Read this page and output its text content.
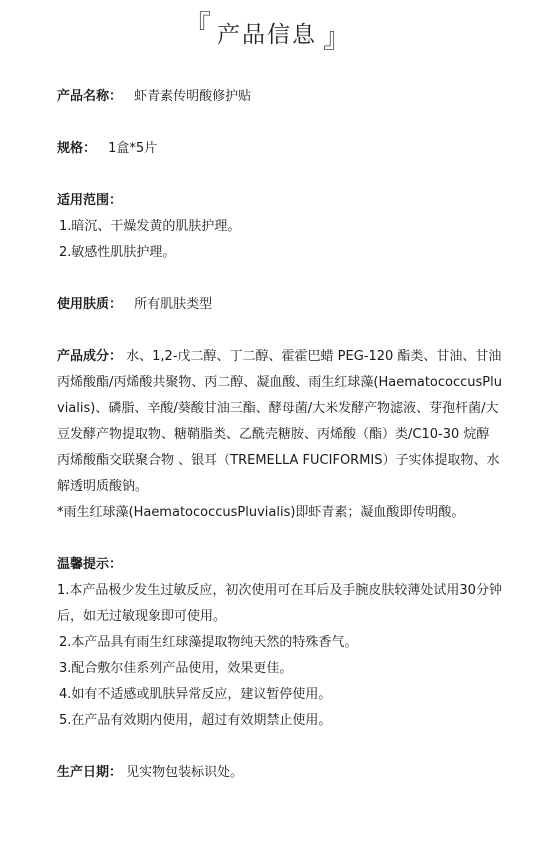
『 产品信息 』
产品名称： 虾青素传明酸修护贴
规格： 1盒*5片
适用范围：
1.暗沉、干燥发黄的肌肤护理。
2.敏感性肌肤护理。
使用肤质： 所有肌肤类型
产品成分： 水、1,2-戊二醇、丁二醇、霍霍巴蜡 PEG-120 酯类、甘油、甘油丙烯酸酯/丙烯酸共聚物、丙二醇、凝血酸、雨生红球藻(HaematococcusPluvialis)、磷脂、辛酸/葵酸甘油三酯、酵母菌/大米发酵产物滤液、芽孢杆菌/大豆发酵产物提取物、糖鞘脂类、乙酰壳糖胺、丙烯酸（酯）类/C10-30 烷醇丙烯酸酯交联聚合物 、银耳（TREMELLA FUCIFORMIS）子实体提取物、水解透明质酸钠。
*雨生红球藻(HaematococcusPluvialis)即虾青素；凝血酸即传明酸。
温馨提示：
1.本产品极少发生过敏反应，初次使用可在耳后及手腕皮肤较薄处试用30分钟后，如无过敏现象即可使用。
2.本产品具有雨生红球藻提取物纯天然的特殊香气。
3.配合敷尔佳系列产品使用，效果更佳。
4.如有不适感或肌肤异常反应，建议暂停使用。
5.在产品有效期内使用，超过有效期禁止使用。
生产日期： 见实物包装标识处。
